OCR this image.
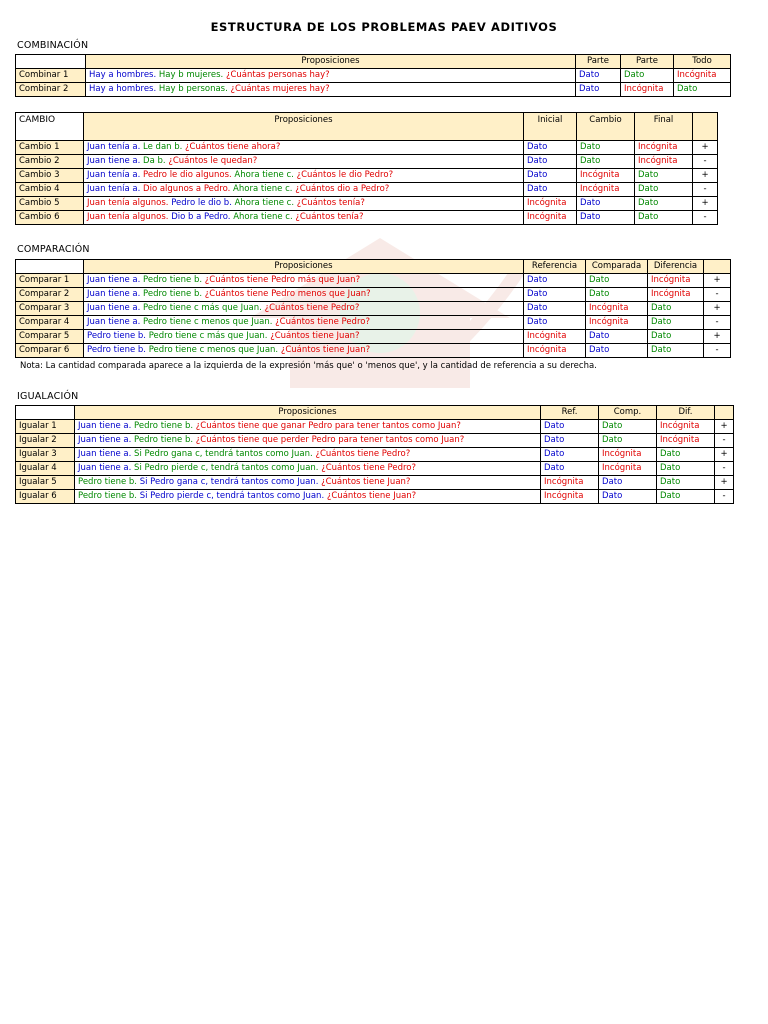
ESTRUCTURA DE LOS PROBLEMAS PAEV ADITIVOS
COMBINACIÓN
	Proposiciones	Parte	Parte	Todo
Combinar 1	Hay a hombres. Hay b mujeres. ¿Cuántas personas hay?	Dato	Dato	Incógnita
Combinar 2	Hay a hombres. Hay b personas. ¿Cuántas mujeres hay?	Dato	Incógnita	Dato
CAMBIO	Proposiciones	Inicial	Cambio	Final	
Cambio 1	Juan tenía a. Le dan b. ¿Cuántos tiene ahora?	Dato	Dato	Incógnita	+
Cambio 2	Juan tiene a. Da b. ¿Cuántos le quedan?	Dato	Dato	Incógnita	-
Cambio 3	Juan tenía a. Pedro le dio algunos. Ahora tiene c. ¿Cuántos le dio Pedro?	Dato	Incógnita	Dato	+
Cambio 4	Juan tenía a. Dio algunos a Pedro. Ahora tiene c. ¿Cuántos dio a Pedro?	Dato	Incógnita	Dato	-
Cambio 5	Juan tenía algunos. Pedro le dio b. Ahora tiene c. ¿Cuántos tenía?	Incógnita	Dato	Dato	+
Cambio 6	Juan tenía algunos. Dio b a Pedro. Ahora tiene c. ¿Cuántos tenía?	Incógnita	Dato	Dato	-
COMPARACIÓN
	Proposiciones	Referencia	Comparada	Diferencia	
Comparar 1	Juan tiene a. Pedro tiene b. ¿Cuántos tiene Pedro más que Juan?	Dato	Dato	Incógnita	+
Comparar 2	Juan tiene a. Pedro tiene b. ¿Cuántos tiene Pedro menos que Juan?	Dato	Dato	Incógnita	-
Comparar 3	Juan tiene a. Pedro tiene c más que Juan. ¿Cuántos tiene Pedro?	Dato	Incógnita	Dato	+
Comparar 4	Juan tiene a. Pedro tiene c menos que Juan. ¿Cuántos tiene Pedro?	Dato	Incógnita	Dato	-
Comparar 5	Pedro tiene b. Pedro tiene c más que Juan. ¿Cuántos tiene Juan?	Incógnita	Dato	Dato	+
Comparar 6	Pedro tiene b. Pedro tiene c menos que Juan. ¿Cuántos tiene Juan?	Incógnita	Dato	Dato	-
Nota: La cantidad comparada aparece a la izquierda de la expresión 'más que' o 'menos que', y la cantidad de referencia a su derecha.
IGUALACIÓN
	Proposiciones	Ref.	Comp.	Dif.	
Igualar 1	Juan tiene a. Pedro tiene b. ¿Cuántos tiene que ganar Pedro para tener tantos como Juan?	Dato	Dato	Incógnita	+
Igualar 2	Juan tiene a. Pedro tiene b. ¿Cuántos tiene que perder Pedro para tener tantos como Juan?	Dato	Dato	Incógnita	-
Igualar 3	Juan tiene a. Si Pedro gana c, tendrá tantos como Juan. ¿Cuántos tiene Pedro?	Dato	Incógnita	Dato	+
Igualar 4	Juan tiene a. Si Pedro pierde c, tendrá tantos como Juan. ¿Cuántos tiene Pedro?	Dato	Incógnita	Dato	-
Igualar 5	Pedro tiene b. Si Pedro gana c, tendrá tantos como Juan. ¿Cuántos tiene Juan?	Incógnita	Dato	Dato	+
Igualar 6	Pedro tiene b. Si Pedro pierde c, tendrá tantos como Juan. ¿Cuántos tiene Juan?	Incógnita	Dato	Dato	-
